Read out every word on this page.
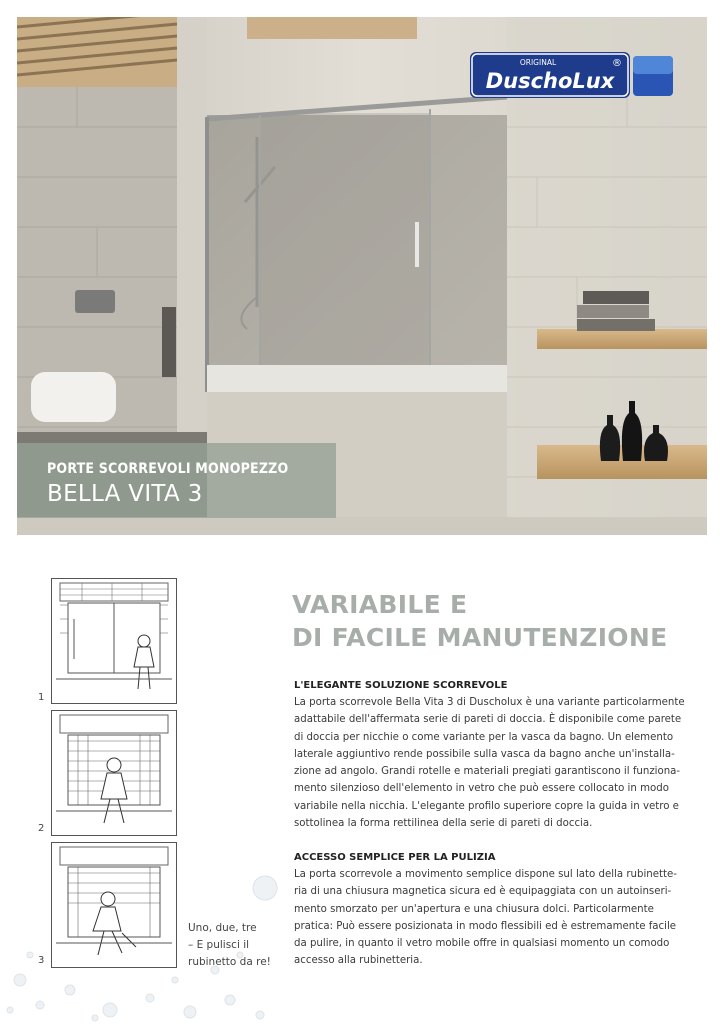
ORIGINAL
DuschoLux
®
PORTE SCORREVOLI MONOPEZZO
BELLA VITA 3
1
2
3
Uno, due, tre
– E pulisci il
rubinetto da re!
VARIABILE E
DI FACILE MANUTENZIONE
L'ELEGANTE SOLUZIONE SCORREVOLE
La porta scorrevole Bella Vita 3 di Duscholux è una variante particolarmente
adattabile dell'affermata serie di pareti di doccia. È disponibile come parete
di doccia per nicchie o come variante per la vasca da bagno. Un elemento
laterale aggiuntivo rende possibile sulla vasca da bagno anche un'installa-
zione ad angolo. Grandi rotelle e materiali pregiati garantiscono il funziona-
mento silenzioso dell'elemento in vetro che può essere collocato in modo
variabile nella nicchia. L'elegante profilo superiore copre la guida in vetro e
sottolinea la forma rettilinea della serie di pareti di doccia.
ACCESSO SEMPLICE PER LA PULIZIA
La porta scorrevole a movimento semplice dispone sul lato della rubinette-
ria di una chiusura magnetica sicura ed è equipaggiata con un autoinseri-
mento smorzato per un'apertura e una chiusura dolci. Particolarmente
pratica: Può essere posizionata in modo flessibili ed è estremamente facile
da pulire, in quanto il vetro mobile offre in qualsiasi momento un comodo
accesso alla rubinetteria.
